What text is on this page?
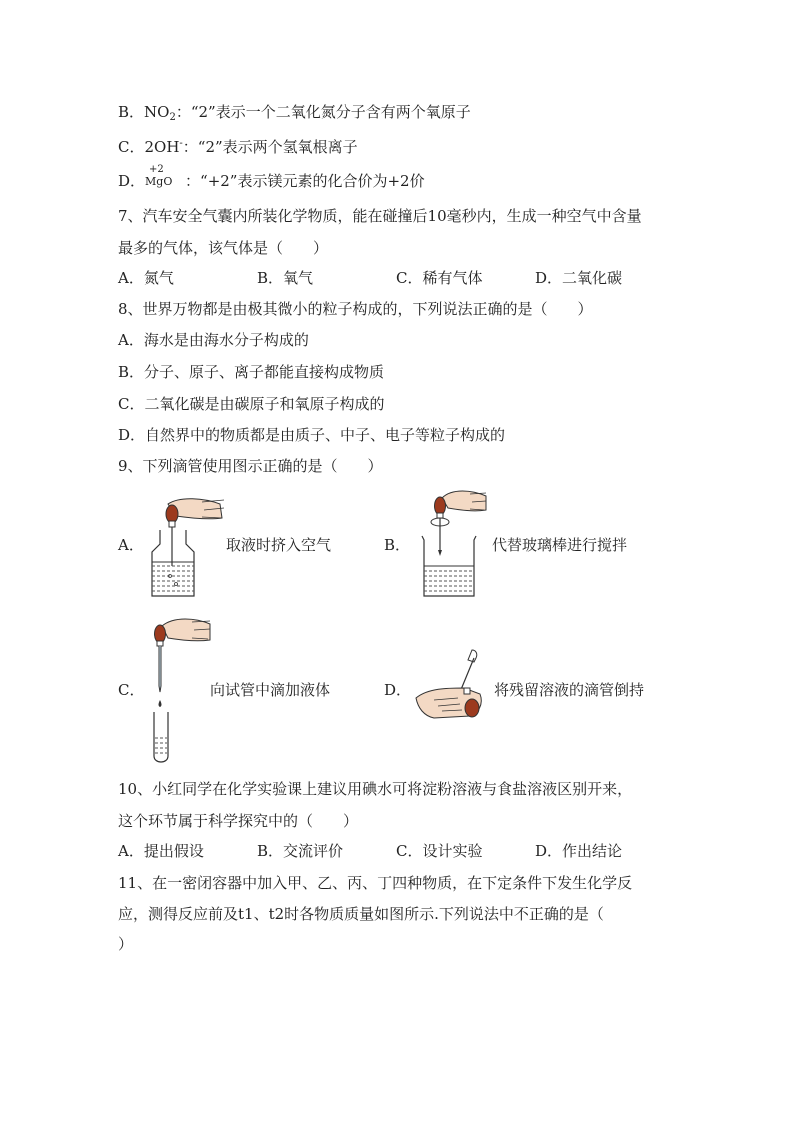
B．$NO_2$：“2”表示一个二氧化氮分子含有两个氧原子
C．2OH-：“2”表示两个氢氧根离子
D．
+2
MgO ：“+2”表示镁元素的化合价为+2价
7、汽车安全气囊内所装化学物质，能在碰撞后10毫秒内，生成一种空气中含量
最多的气体，该气体是（　　）
A．氮气	B．氧气	C．稀有气体	D．二氧化碳
8、世界万物都是由极其微小的粒子构成的，下列说法正确的是（　　）
A．海水是由海水分子构成的
B．分子、原子、离子都能直接构成物质
C．二氧化碳是由碳原子和氧原子构成的
D．自然界中的物质都是由质子、中子、电子等粒子构成的
9、下列滴管使用图示正确的是（　　）
A．	取液时挤入空气	B．	代替玻璃棒进行搅拌
C．	向试管中滴加液体	D．	将残留溶液的滴管倒持
10、小红同学在化学实验课上建议用碘水可将淀粉溶液与食盐溶液区别开来，
这个环节属于科学探究中的（　　）
A．提出假设	B．交流评价	C．设计实验	D．作出结论
11、在一密闭容器中加入甲、乙、丙、丁四种物质，在下定条件下发生化学反
应，测得反应前及t1、t2时各物质质量如图所示.下列说法中不正确的是（
）
